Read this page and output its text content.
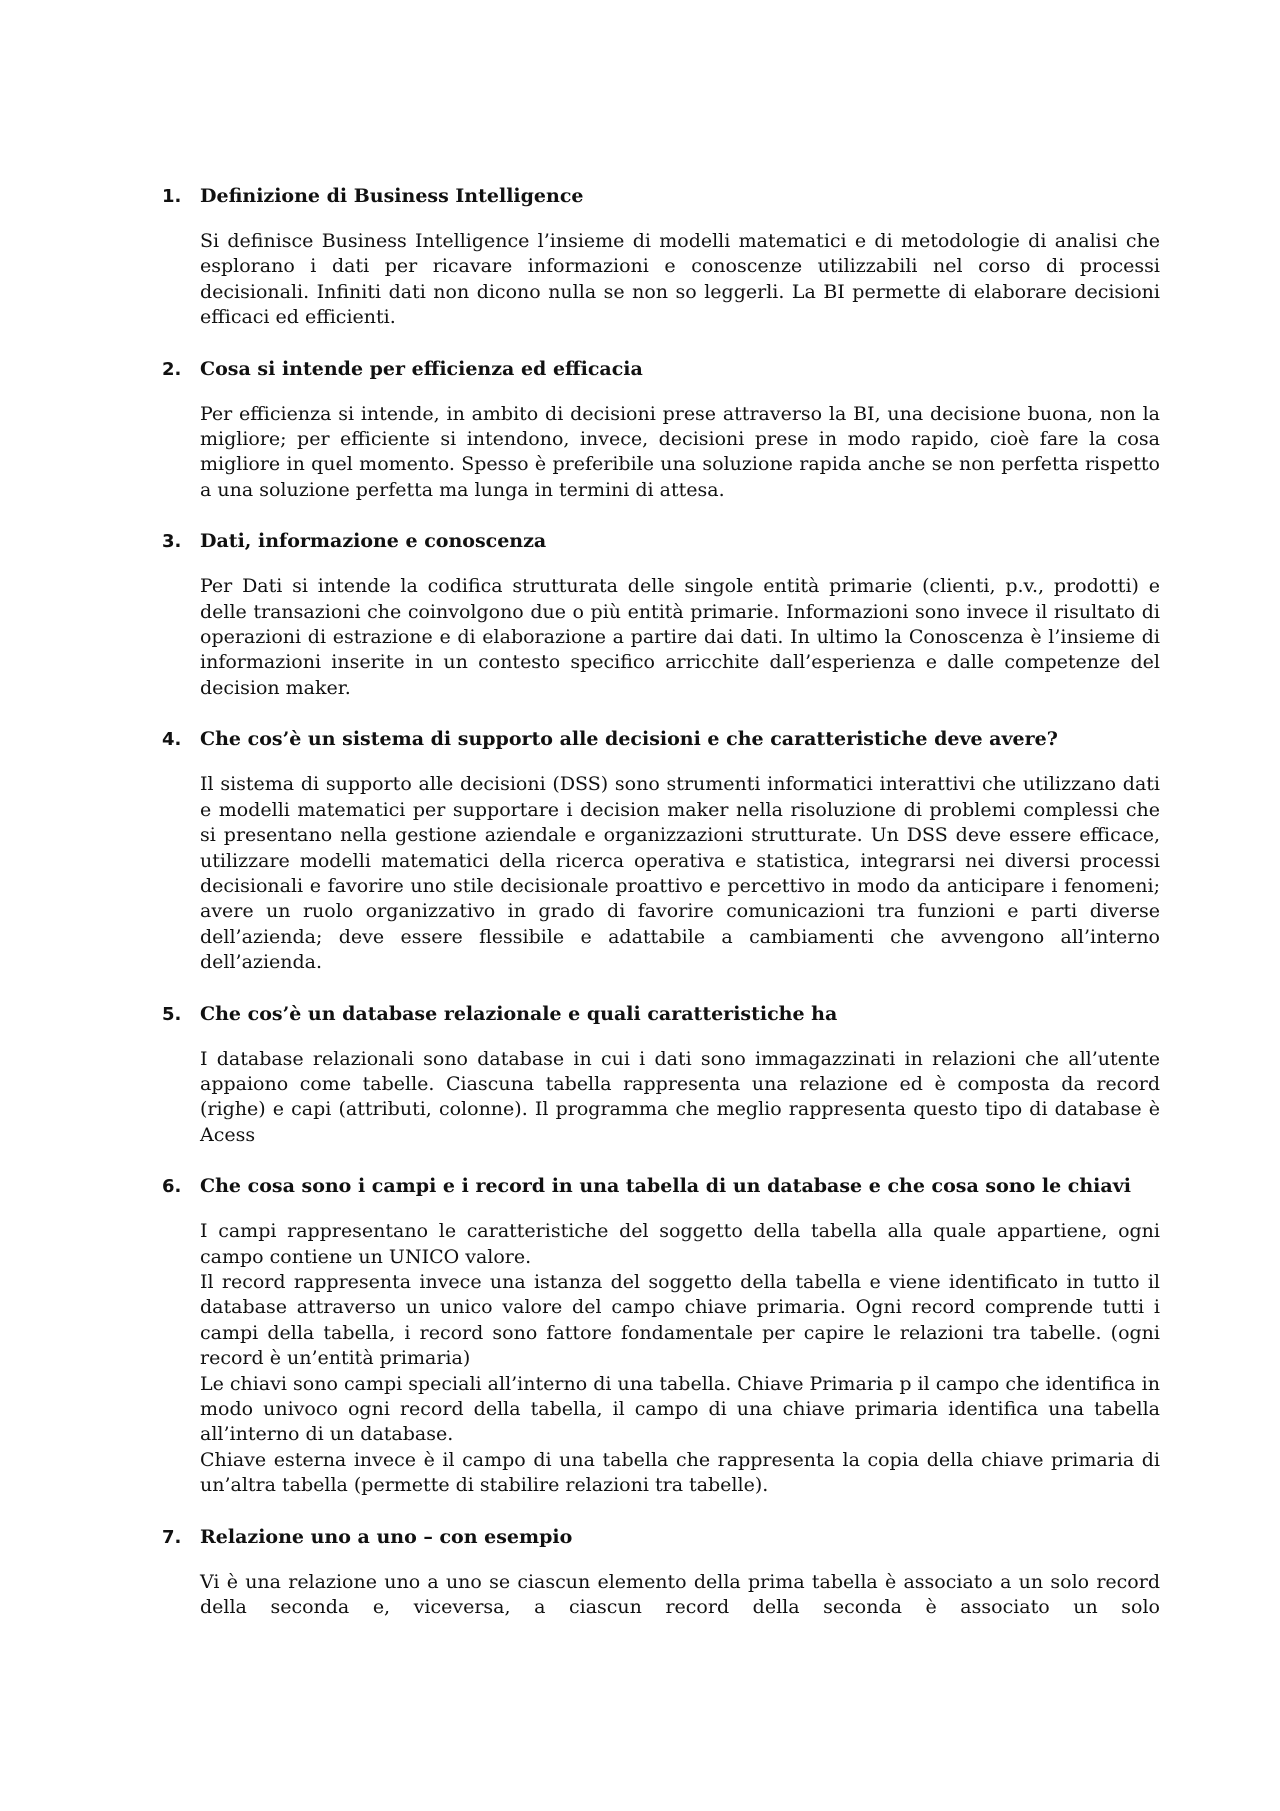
1. Definizione di Business Intelligence

Si definisce Business Intelligence l’insieme di modelli matematici e di metodologie di analisi che esplorano i dati per ricavare informazioni e conoscenze utilizzabili nel corso di processi decisionali. Infiniti dati non dicono nulla se non so leggerli. La BI permette di elaborare decisioni efficaci ed efficienti.

2. Cosa si intende per efficienza ed efficacia

Per efficienza si intende, in ambito di decisioni prese attraverso la BI, una decisione buona, non la migliore; per efficiente si intendono, invece, decisioni prese in modo rapido, cioè fare la cosa migliore in quel momento. Spesso è preferibile una soluzione rapida anche se non perfetta rispetto a una soluzione perfetta ma lunga in termini di attesa.

3. Dati, informazione e conoscenza

Per Dati si intende la codifica strutturata delle singole entità primarie (clienti, p.v., prodotti) e delle transazioni che coinvolgono due o più entità primarie. Informazioni sono invece il risultato di operazioni di estrazione e di elaborazione a partire dai dati. In ultimo la Conoscenza è l’insieme di informazioni inserite in un contesto specifico arricchite dall’esperienza e dalle competenze del decision maker.

4. Che cos’è un sistema di supporto alle decisioni e che caratteristiche deve avere?

Il sistema di supporto alle decisioni (DSS) sono strumenti informatici interattivi che utilizzano dati e modelli matematici per supportare i decision maker nella risoluzione di problemi complessi che si presentano nella gestione aziendale e organizzazioni strutturate. Un DSS deve essere efficace, utilizzare modelli matematici della ricerca operativa e statistica, integrarsi nei diversi processi decisionali e favorire uno stile decisionale proattivo e percettivo in modo da anticipare i fenomeni; avere un ruolo organizzativo in grado di favorire comunicazioni tra funzioni e parti diverse dell’azienda; deve essere flessibile e adattabile a cambiamenti che avvengono all’interno dell’azienda.

5. Che cos’è un database relazionale e quali caratteristiche ha

I database relazionali sono database in cui i dati sono immagazzinati in relazioni che all’utente appaiono come tabelle. Ciascuna tabella rappresenta una relazione ed è composta da record (righe) e capi (attributi, colonne). Il programma che meglio rappresenta questo tipo di database è Acess

6. Che cosa sono i campi e i record in una tabella di un database e che cosa sono le chiavi

I campi rappresentano le caratteristiche del soggetto della tabella alla quale appartiene, ogni campo contiene un UNICO valore.

Il record rappresenta invece una istanza del soggetto della tabella e viene identificato in tutto il database attraverso un unico valore del campo chiave primaria. Ogni record comprende tutti i campi della tabella, i record sono fattore fondamentale per capire le relazioni tra tabelle. (ogni record è un’entità primaria)

Le chiavi sono campi speciali all’interno di una tabella. Chiave Primaria p il campo che identifica in modo univoco ogni record della tabella, il campo di una chiave primaria identifica una tabella all’interno di un database.

Chiave esterna invece è il campo di una tabella che rappresenta la copia della chiave primaria di un’altra tabella (permette di stabilire relazioni tra tabelle).

7. Relazione uno a uno – con esempio

Vi è una relazione uno a uno se ciascun elemento della prima tabella è associato a un solo record della seconda e, viceversa, a ciascun record della seconda è associato un solo
